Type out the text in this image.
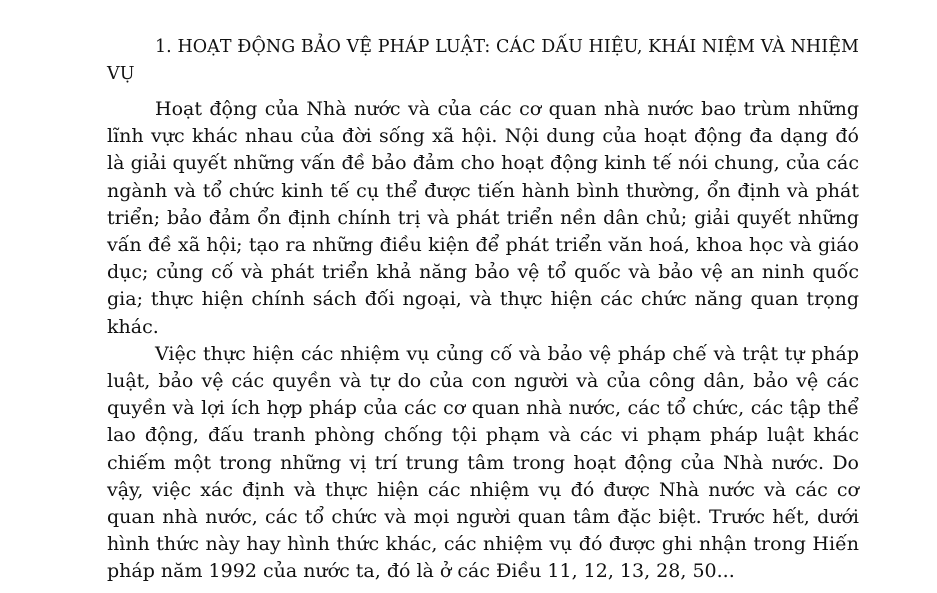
1. HOẠT ĐỘNG BẢO VỆ PHÁP LUẬT: CÁC DẤU HIỆU, KHÁI NIỆM VÀ NHIỆM VỤ

Hoạt động của Nhà nước và của các cơ quan nhà nước bao trùm những lĩnh vực khác nhau của đời sống xã hội. Nội dung của hoạt động đa dạng đó là giải quyết những vấn đề bảo đảm cho hoạt động kinh tế nói chung, của các ngành và tổ chức kinh tế cụ thể được tiến hành bình thường, ổn định và phát triển; bảo đảm ổn định chính trị và phát triển nền dân chủ; giải quyết những vấn đề xã hội; tạo ra những điều kiện để phát triển văn hoá, khoa học và giáo dục; củng cố và phát triển khả năng bảo vệ tổ quốc và bảo vệ an ninh quốc gia; thực hiện chính sách đối ngoại, và thực hiện các chức năng quan trọng khác.

Việc thực hiện các nhiệm vụ củng cố và bảo vệ pháp chế và trật tự pháp luật, bảo vệ các quyền và tự do của con người và của công dân, bảo vệ các quyền và lợi ích hợp pháp của các cơ quan nhà nước, các tổ chức, các tập thể lao động, đấu tranh phòng chống tội phạm và các vi phạm pháp luật khác chiếm một trong những vị trí trung tâm trong hoạt động của Nhà nước. Do vậy, việc xác định và thực hiện các nhiệm vụ đó được Nhà nước và các cơ quan nhà nước, các tổ chức và mọi người quan tâm đặc biệt. Trước hết, dưới hình thức này hay hình thức khác, các nhiệm vụ đó được ghi nhận trong Hiến pháp năm 1992 của nước ta, đó là ở các Điều 11, 12, 13, 28, 50...
